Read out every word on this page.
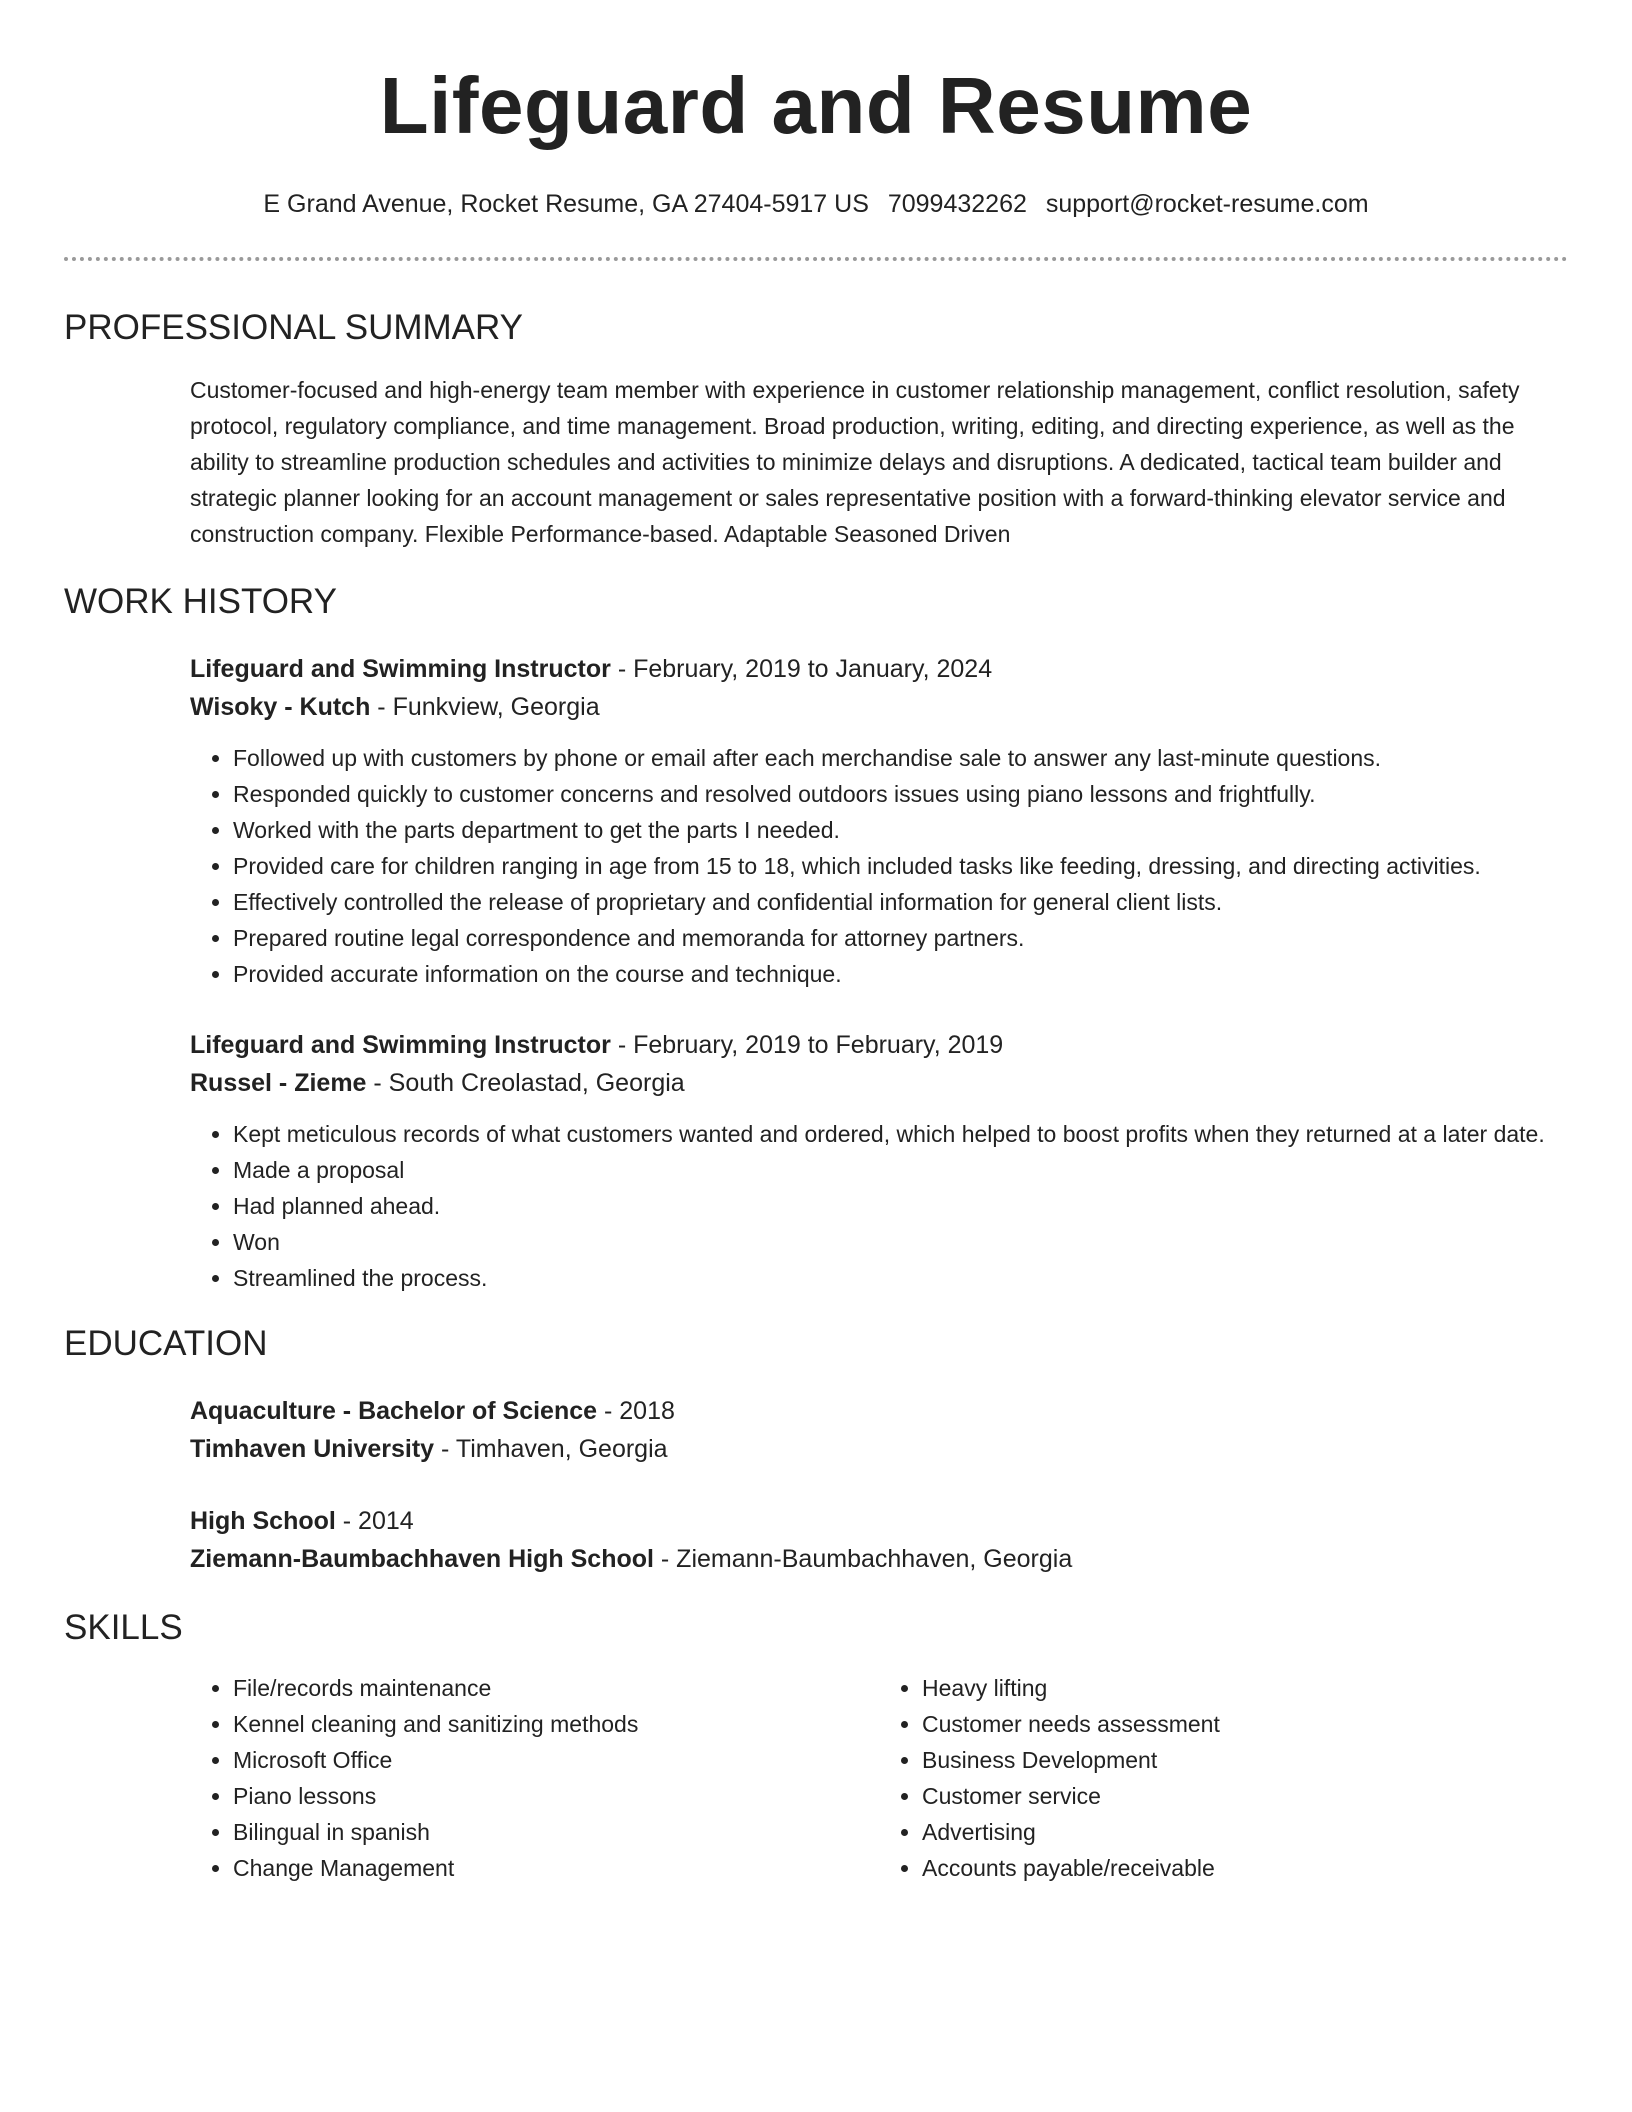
Lifeguard and Resume
E Grand Avenue, Rocket Resume, GA 27404-5917 US 7099432262 support@rocket-resume.com
PROFESSIONAL SUMMARY
Customer-focused and high-energy team member with experience in customer relationship management, conflict resolution, safety protocol, regulatory compliance, and time management. Broad production, writing, editing, and directing experience, as well as the ability to streamline production schedules and activities to minimize delays and disruptions. A dedicated, tactical team builder and strategic planner looking for an account management or sales representative position with a forward-thinking elevator service and construction company. Flexible Performance-based. Adaptable Seasoned Driven
WORK HISTORY
Lifeguard and Swimming Instructor - February, 2019 to January, 2024
Wisoky - Kutch - Funkview, Georgia
• Followed up with customers by phone or email after each merchandise sale to answer any last-minute questions.
• Responded quickly to customer concerns and resolved outdoors issues using piano lessons and frightfully.
• Worked with the parts department to get the parts I needed.
• Provided care for children ranging in age from 15 to 18, which included tasks like feeding, dressing, and directing activities.
• Effectively controlled the release of proprietary and confidential information for general client lists.
• Prepared routine legal correspondence and memoranda for attorney partners.
• Provided accurate information on the course and technique.
Lifeguard and Swimming Instructor - February, 2019 to February, 2019
Russel - Zieme - South Creolastad, Georgia
• Kept meticulous records of what customers wanted and ordered, which helped to boost profits when they returned at a later date.
• Made a proposal
• Had planned ahead.
• Won
• Streamlined the process.
EDUCATION
Aquaculture - Bachelor of Science - 2018
Timhaven University - Timhaven, Georgia
High School - 2014
Ziemann-Baumbachhaven High School - Ziemann-Baumbachhaven, Georgia
SKILLS
• File/records maintenance
• Kennel cleaning and sanitizing methods
• Microsoft Office
• Piano lessons
• Bilingual in spanish
• Change Management
• Heavy lifting
• Customer needs assessment
• Business Development
• Customer service
• Advertising
• Accounts payable/receivable
